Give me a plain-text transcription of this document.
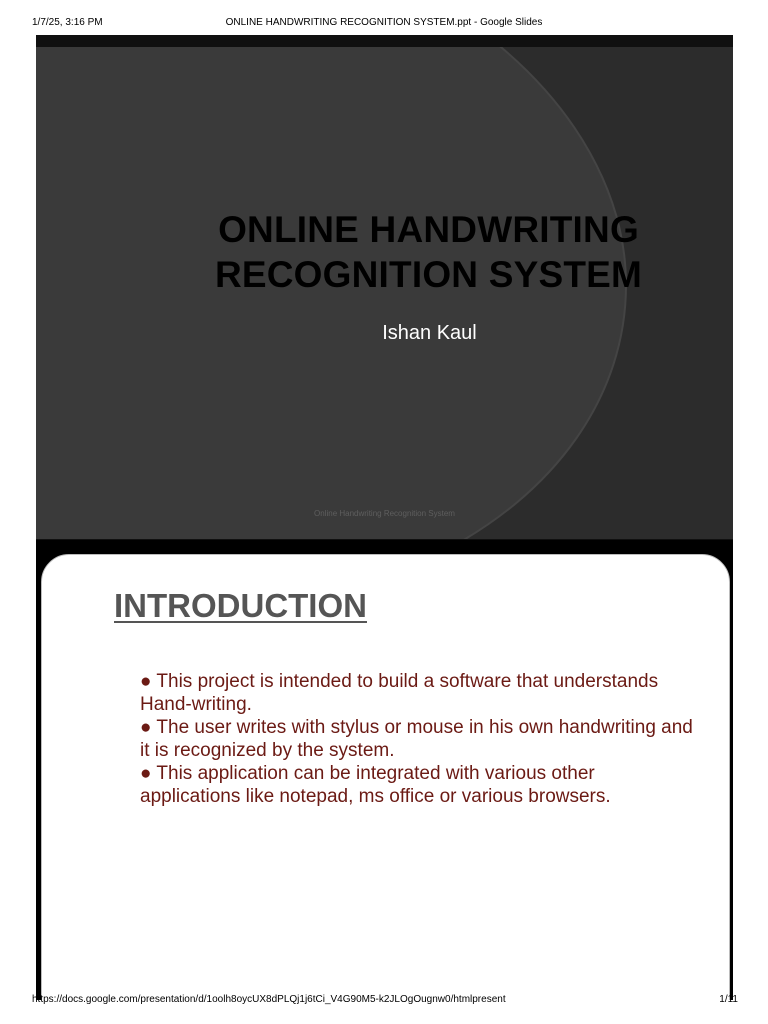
1/7/25, 3:16 PM	ONLINE HANDWRITING RECOGNITION SYSTEM.ppt - Google Slides
ONLINE HANDWRITING
RECOGNITION SYSTEM
Ishan Kaul
Online Handwriting Recognition System
INTRODUCTION
● This project is intended to build a software that understands Hand-writing.
● The user writes with stylus or mouse in his own handwriting and it is recognized by the system.
● This application can be integrated with various other applications like notepad, ms office or various browsers.
https://docs.google.com/presentation/d/1oolh8oycUX8dPLQj1j6tCi_V4G90M5-k2JLOgOugnw0/htmlpresent	1/11
